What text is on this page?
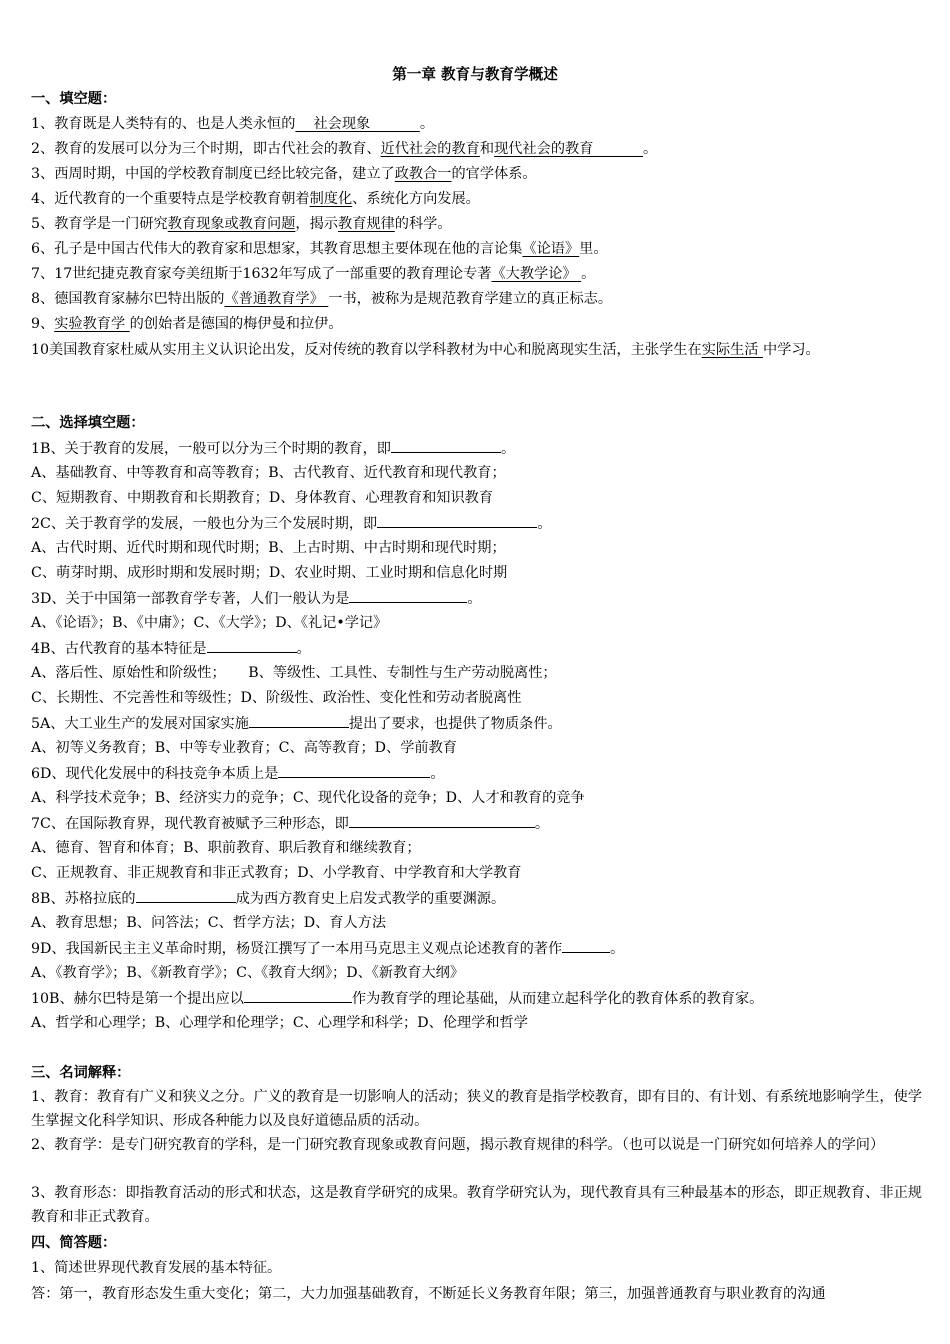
第一章 教育与教育学概述
一、填空题：
1、教育既是人类特有的、也是人类永恒的    社会现象           。
2、教育的发展可以分为三个时期，即古代社会的教育、近代社会的教育和现代社会的教育           。
3、西周时期，中国的学校教育制度已经比较完备，建立了政教合一的官学体系。
4、近代教育的一个重要特点是学校教育朝着制度化、系统化方向发展。
5、教育学是一门研究教育现象或教育问题，揭示教育规律的科学。
6、孔子是中国古代伟大的教育家和思想家，其教育思想主要体现在他的言论集《论语》里。
7、17世纪捷克教育家夸美纽斯于1632年写成了一部重要的教育理论专著《大教学论》 。
8、德国教育家赫尔巴特出版的《普通教育学》 一书，被称为是规范教育学建立的真正标志。
9、实验教育学 的创始者是德国的梅伊曼和拉伊。
10美国教育家杜威从实用主义认识论出发，反对传统的教育以学科教材为中心和脱离现实生活，主张学生在实际生活 中学习。
二、选择填空题：
1B、关于教育的发展，一般可以分为三个时期的教育，即	。
A、基础教育、中等教育和高等教育；B、古代教育、近代教育和现代教育；
C、短期教育、中期教育和长期教育；D、身体教育、心理教育和知识教育
2C、关于教育学的发展，一般也分为三个发展时期，即	。
A、古代时期、近代时期和现代时期；B、上古时期、中古时期和现代时期；
C、萌芽时期、成形时期和发展时期；D、农业时期、工业时期和信息化时期
3D、关于中国第一部教育学专著，人们一般认为是	。
A、《论语》；B、《中庸》；C、《大学》；D、《礼记•学记》
4B、古代教育的基本特征是	。
A、落后性、原始性和阶级性；     B、等级性、工具性、专制性与生产劳动脱离性；
C、长期性、不完善性和等级性；D、阶级性、政治性、变化性和劳动者脱离性
5A、大工业生产的发展对国家实施	提出了要求，也提供了物质条件。
A、初等义务教育；B、中等专业教育；C、高等教育；D、学前教育
6D、现代化发展中的科技竞争本质上是	。
A、科学技术竞争；B、经济实力的竞争；C、现代化设备的竞争；D、人才和教育的竞争
7C、在国际教育界，现代教育被赋予三种形态，即	。
A、德育、智育和体育；B、职前教育、职后教育和继续教育；
C、正规教育、非正规教育和非正式教育；D、小学教育、中学教育和大学教育
8B、苏格拉底的	成为西方教育史上启发式教学的重要渊源。
A、教育思想；B、问答法；C、哲学方法；D、育人方法
9D、我国新民主主义革命时期，杨贤江撰写了一本用马克思主义观点论述教育的著作	。
A、《教育学》；B、《新教育学》；C、《教育大纲》；D、《新教育大纲》
10B、赫尔巴特是第一个提出应以	作为教育学的理论基础，从而建立起科学化的教育体系的教育家。
A、哲学和心理学；B、心理学和伦理学；C、心理学和科学；D、伦理学和哲学
三、名词解释：
1、教育：教育有广义和狭义之分。广义的教育是一切影响人的活动；狭义的教育是指学校教育，即有目的、有计划、有系统地影响学生，使学生掌握文化科学知识、形成各种能力以及良好道德品质的活动。
2、教育学：是专门研究教育的学科，是一门研究教育现象或教育问题，揭示教育规律的科学。（也可以说是一门研究如何培养人的学问）
3、教育形态：即指教育活动的形式和状态，这是教育学研究的成果。教育学研究认为，现代教育具有三种最基本的形态，即正规教育、非正规教育和非正式教育。
四、简答题：
1、简述世界现代教育发展的基本特征。
答：第一，教育形态发生重大变化；第二，大力加强基础教育，不断延长义务教育年限；第三，加强普通教育与职业教育的沟通
